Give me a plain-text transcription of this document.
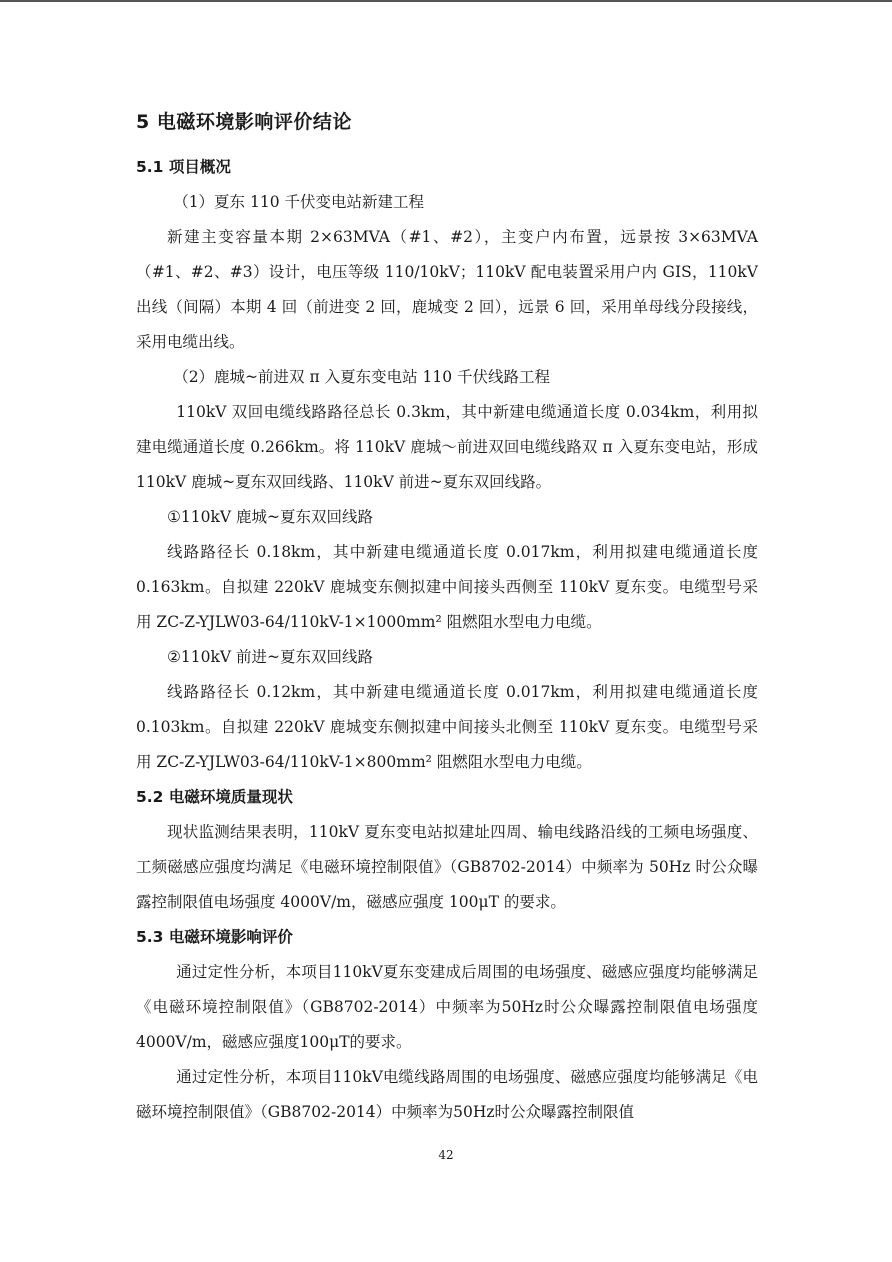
5 电磁环境影响评价结论
5.1 项目概况

（1）夏东 110 千伏变电站新建工程

新建主变容量本期 2×63MVA（#1、#2），主变户内布置，远景按 3×63MVA（#1、#2、#3）设计，电压等级 110/10kV；110kV 配电装置采用户内 GIS，110kV 出线（间隔）本期 4 回（前进变 2 回，鹿城变 2 回），远景 6 回，采用单母线分段接线，采用电缆出线。

（2）鹿城~前进双 π 入夏东变电站 110 千伏线路工程

110kV 双回电缆线路路径总长 0.3km，其中新建电缆通道长度 0.034km，利用拟建电缆通道长度 0.266km。将 110kV 鹿城～前进双回电缆线路双 π 入夏东变电站，形成 110kV 鹿城~夏东双回线路、110kV 前进~夏东双回线路。

①110kV 鹿城~夏东双回线路

线路路径长 0.18km，其中新建电缆通道长度 0.017km，利用拟建电缆通道长度 0.163km。自拟建 220kV 鹿城变东侧拟建中间接头西侧至 110kV 夏东变。电缆型号采用 ZC-Z-YJLW03-64/110kV-1×1000mm² 阻燃阻水型电力电缆。

②110kV 前进~夏东双回线路

线路路径长 0.12km，其中新建电缆通道长度 0.017km，利用拟建电缆通道长度 0.103km。自拟建 220kV 鹿城变东侧拟建中间接头北侧至 110kV 夏东变。电缆型号采用 ZC-Z-YJLW03-64/110kV-1×800mm² 阻燃阻水型电力电缆。

5.2 电磁环境质量现状

现状监测结果表明，110kV 夏东变电站拟建址四周、输电线路沿线的工频电场强度、工频磁感应强度均满足《电磁环境控制限值》（GB8702-2014）中频率为 50Hz 时公众曝露控制限值电场强度 4000V/m，磁感应强度 100μT 的要求。

5.3 电磁环境影响评价

通过定性分析，本项目110kV夏东变建成后周围的电场强度、磁感应强度均能够满足《电磁环境控制限值》（GB8702-2014）中频率为50Hz时公众曝露控制限值电场强度4000V/m，磁感应强度100μT的要求。

通过定性分析，本项目110kV电缆线路周围的电场强度、磁感应强度均能够满足《电磁环境控制限值》（GB8702-2014）中频率为50Hz时公众曝露控制限值

42
